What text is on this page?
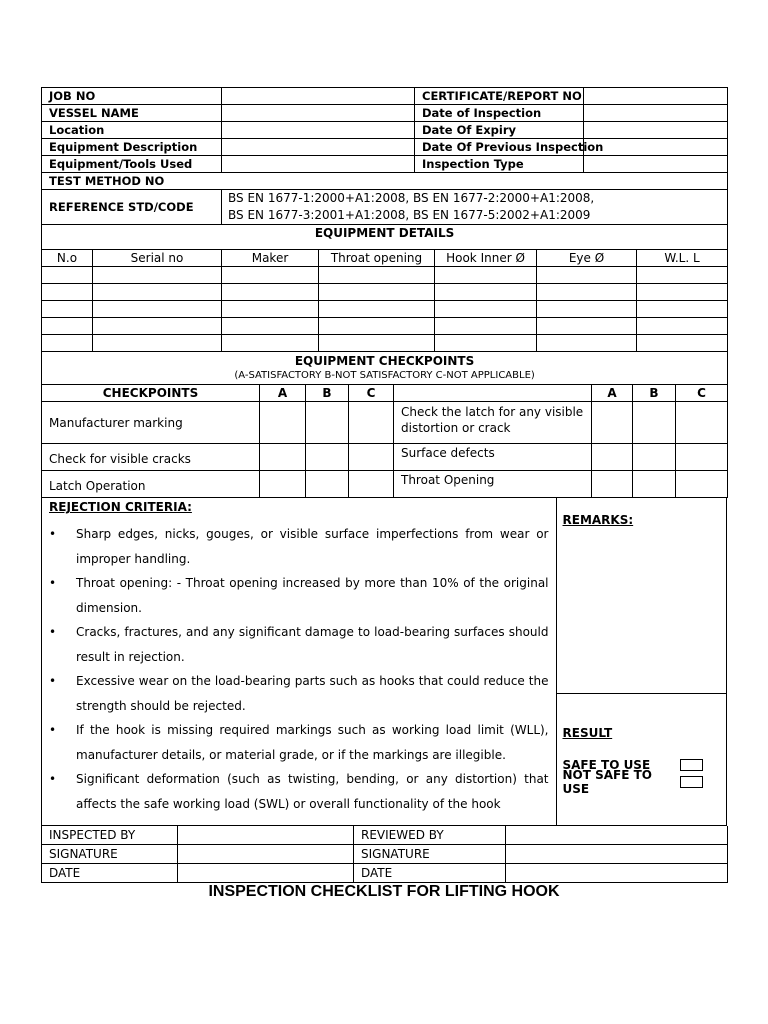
JOB NO		CERTIFICATE/REPORT NO	
VESSEL NAME		Date of Inspection	
Location		Date Of Expiry	
Equipment Description		Date Of Previous Inspection	
Equipment/Tools Used		Inspection Type	
TEST METHOD NO			
REFERENCE STD/CODE	BS EN 1677-1:2000+A1:2008, BS EN 1677-2:2000+A1:2008,
BS EN 1677-3:2001+A1:2008, BS EN 1677-5:2002+A1:2009		
EQUIPMENT DETAILS						
N.o	Serial no	Maker	Throat opening	Hook Inner Ø	Eye Ø	W.L. L

EQUIPMENT CHECKPOINTS
(A-SATISFACTORY B-NOT SATISFACTORY C-NOT APPLICABLE)							

CHECKPOINTS	A	B	C		A	B	C
Manufacturer marking				Check the latch for any visible distortion or crack			
Check for visible cracks				Surface defects			
Latch Operation				Throat Opening			
REJECTION CRITERIA:
• Sharp edges, nicks, gouges, or visible surface imperfections from wear or improper handling.
• Throat opening: - Throat opening increased by more than 10% of the original dimension.
• Cracks, fractures, and any significant damage to load-bearing surfaces should result in rejection.
• Excessive wear on the load-bearing parts such as hooks that could reduce the strength should be rejected.
• If the hook is missing required markings such as working load limit (WLL), manufacturer details, or material grade, or if the markings are illegible.
• Significant deformation (such as twisting, bending, or any distortion) that affects the safe working load (SWL) or overall functionality of the hook
REMARKS:
RESULT
SAFE TO USE
NOT SAFE TO USE
INSPECTED BY		REVIEWED BY	
SIGNATURE		SIGNATURE	
DATE		DATE	
INSPECTION CHECKLIST FOR LIFTING HOOK
